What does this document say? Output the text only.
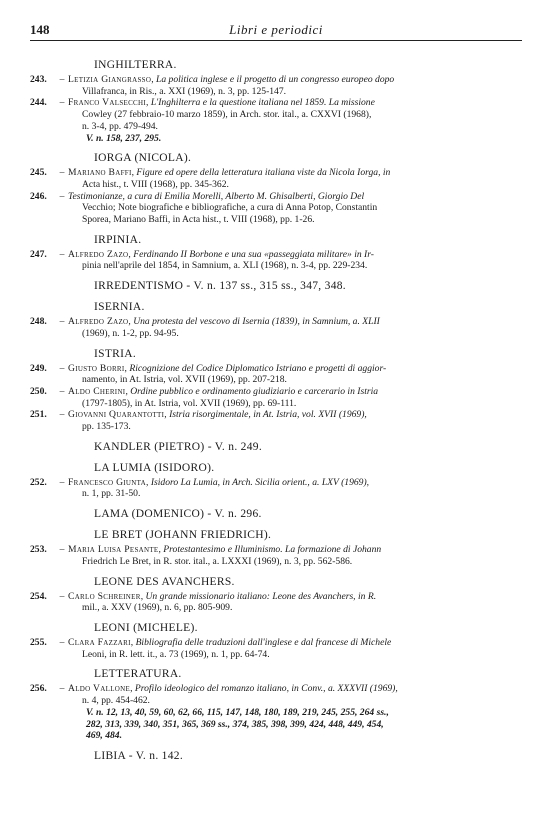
148	Libri e periodici
INGHILTERRA.
243.	– Letizia Giangrasso, La politica inglese e il progetto di un congresso europeo dopo
Villafranca, in Ris., a. XXI (1969), n. 3, pp. 125-147.
244.	– Franco Valsecchi, L'Inghilterra e la questione italiana nel 1859. La missione
Cowley (27 febbraio-10 marzo 1859), in Arch. stor. ital., a. CXXVI (1968),
n. 3-4, pp. 479-494.
V. n. 158, 237, 295.
IORGA (NICOLA).
245.	– Mariano Baffi, Figure ed opere della letteratura italiana viste da Nicola Iorga, in
Acta hist., t. VIII (1968), pp. 345-362.
246.	– Testimonianze, a cura di Emilia Morelli, Alberto M. Ghisalberti, Giorgio Del
Vecchio; Note biografiche e bibliografiche, a cura di Anna Potop, Constantin
Sporea, Mariano Baffi, in Acta hist., t. VIII (1968), pp. 1-26.
IRPINIA.
247.	– Alfredo Zazo, Ferdinando II Borbone e una sua «passeggiata militare» in Ir-
pinia nell'aprile del 1854, in Samnium, a. XLI (1968), n. 3-4, pp. 229-234.
IRREDENTISMO - V. n. 137 ss., 315 ss., 347, 348.
ISERNIA.
248.	– Alfredo Zazo, Una protesta del vescovo di Isernia (1839), in Samnium, a. XLII
(1969), n. 1-2, pp. 94-95.
ISTRIA.
249.	– Giusto Borri, Ricognizione del Codice Diplomatico Istriano e progetti di aggior-
namento, in At. Istria, vol. XVII (1969), pp. 207-218.
250.	– Aldo Cherini, Ordine pubblico e ordinamento giudiziario e carcerario in Istria
(1797-1805), in At. Istria, vol. XVII (1969), pp. 69-111.
251.	– Giovanni Quarantotti, Istria risorgimentale, in At. Istria, vol. XVII (1969),
pp. 135-173.
KANDLER (PIETRO) - V. n. 249.
LA LUMIA (ISIDORO).
252.	– Francesco Giunta, Isidoro La Lumia, in Arch. Sicilia orient., a. LXV (1969),
n. 1, pp. 31-50.
LAMA (DOMENICO) - V. n. 296.
LE BRET (JOHANN FRIEDRICH).
253.	– Maria Luisa Pesante, Protestantesimo e Illuminismo. La formazione di Johann
Friedrich Le Bret, in R. stor. ital., a. LXXXI (1969), n. 3, pp. 562-586.
LEONE DES AVANCHERS.
254.	– Carlo Schreiner, Un grande missionario italiano: Leone des Avanchers, in R.
mil., a. XXV (1969), n. 6, pp. 805-909.
LEONI (MICHELE).
255.	– Clara Fazzari, Bibliografia delle traduzioni dall'inglese e dal francese di Michele
Leoni, in R. lett. it., a. 73 (1969), n. 1, pp. 64-74.
LETTERATURA.
256.	– Aldo Vallone, Profilo ideologico del romanzo italiano, in Conv., a. XXXVII (1969),
n. 4, pp. 454-462.
V. n. 12, 13, 40, 59, 60, 62, 66, 115, 147, 148, 180, 189, 219, 245, 255, 264 ss.,
282, 313, 339, 340, 351, 365, 369 ss., 374, 385, 398, 399, 424, 448, 449, 454,
469, 484.
LIBIA - V. n. 142.
